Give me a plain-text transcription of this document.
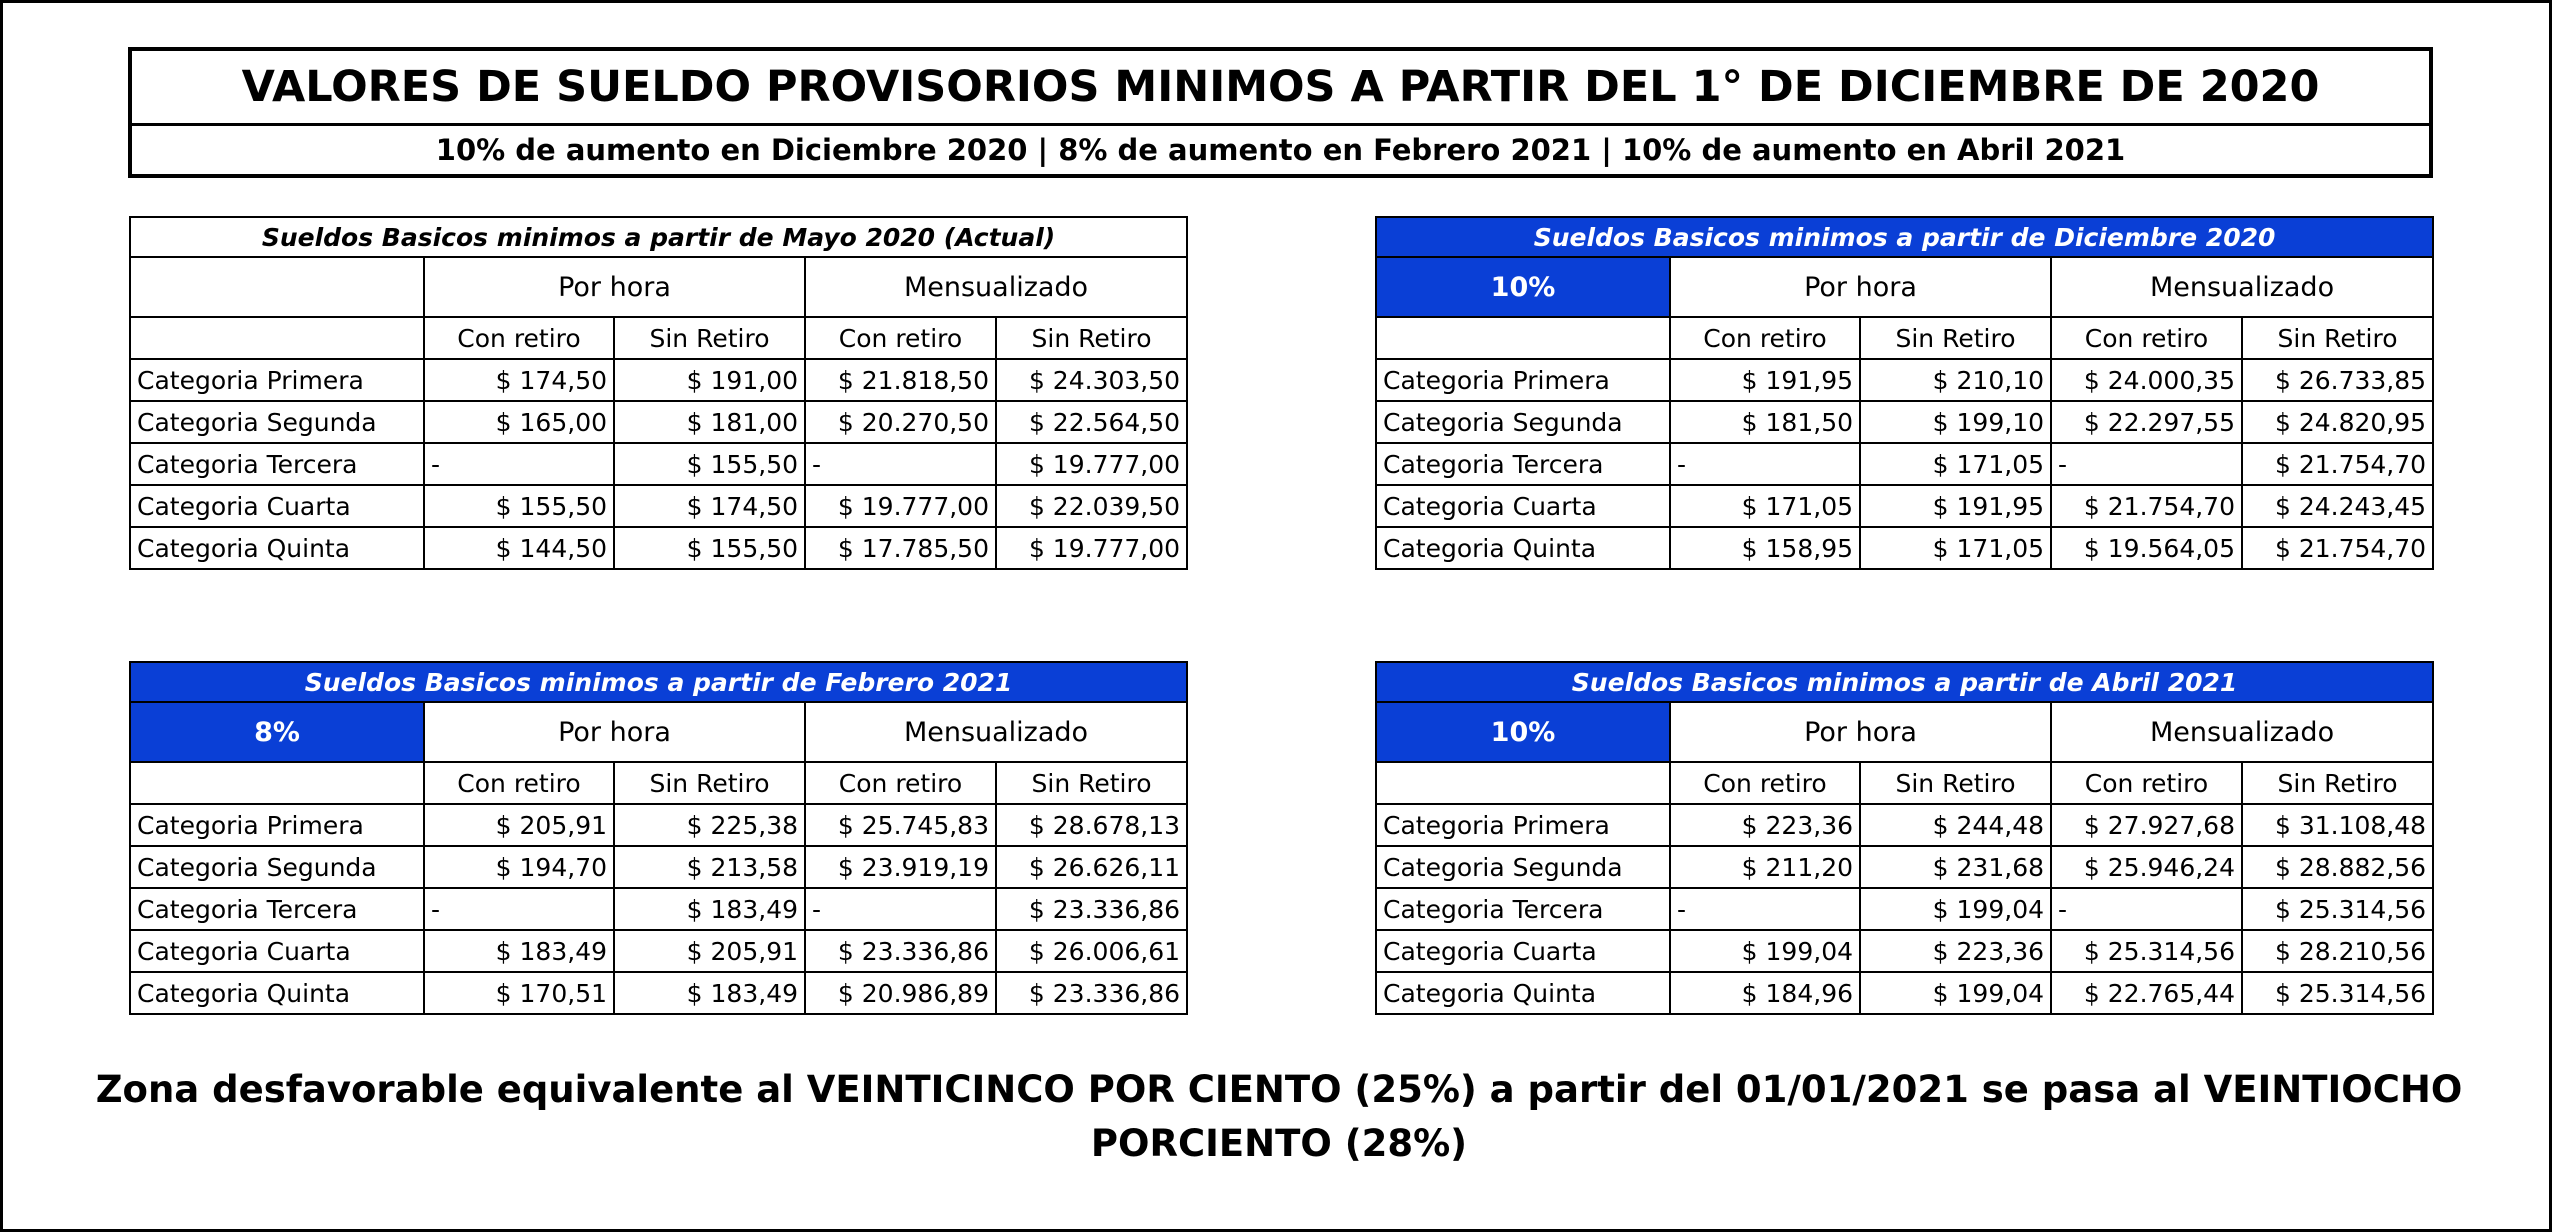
VALORES DE SUELDO PROVISORIOS MINIMOS A PARTIR DEL 1° DE DICIEMBRE DE 2020
10% de aumento en Diciembre 2020 | 8% de aumento en Febrero 2021 | 10% de aumento en Abril 2021
Sueldos Basicos minimos a partir de Mayo 2020 (Actual)				
	Por hora		Mensualizado	
	Con retiro	Sin Retiro	Con retiro	Sin Retiro
Categoria Primera	$ 174,50	$ 191,00	$ 21.818,50	$ 24.303,50
Categoria Segunda	$ 165,00	$ 181,00	$ 20.270,50	$ 22.564,50
Categoria Tercera	-	$ 155,50	-	$ 19.777,00
Categoria Cuarta	$ 155,50	$ 174,50	$ 19.777,00	$ 22.039,50
Categoria Quinta	$ 144,50	$ 155,50	$ 17.785,50	$ 19.777,00
Sueldos Basicos minimos a partir de Diciembre 2020				
10%	Por hora		Mensualizado	
	Con retiro	Sin Retiro	Con retiro	Sin Retiro
Categoria Primera	$ 191,95	$ 210,10	$ 24.000,35	$ 26.733,85
Categoria Segunda	$ 181,50	$ 199,10	$ 22.297,55	$ 24.820,95
Categoria Tercera	-	$ 171,05	-	$ 21.754,70
Categoria Cuarta	$ 171,05	$ 191,95	$ 21.754,70	$ 24.243,45
Categoria Quinta	$ 158,95	$ 171,05	$ 19.564,05	$ 21.754,70
Sueldos Basicos minimos a partir de Febrero 2021				
8%	Por hora		Mensualizado	
	Con retiro	Sin Retiro	Con retiro	Sin Retiro
Categoria Primera	$ 205,91	$ 225,38	$ 25.745,83	$ 28.678,13
Categoria Segunda	$ 194,70	$ 213,58	$ 23.919,19	$ 26.626,11
Categoria Tercera	-	$ 183,49	-	$ 23.336,86
Categoria Cuarta	$ 183,49	$ 205,91	$ 23.336,86	$ 26.006,61
Categoria Quinta	$ 170,51	$ 183,49	$ 20.986,89	$ 23.336,86
Sueldos Basicos minimos a partir de Abril 2021				
10%	Por hora		Mensualizado	
	Con retiro	Sin Retiro	Con retiro	Sin Retiro
Categoria Primera	$ 223,36	$ 244,48	$ 27.927,68	$ 31.108,48
Categoria Segunda	$ 211,20	$ 231,68	$ 25.946,24	$ 28.882,56
Categoria Tercera	-	$ 199,04	-	$ 25.314,56
Categoria Cuarta	$ 199,04	$ 223,36	$ 25.314,56	$ 28.210,56
Categoria Quinta	$ 184,96	$ 199,04	$ 22.765,44	$ 25.314,56
Zona desfavorable equivalente al VEINTICINCO POR CIENTO (25%) a partir del 01/01/2021 se pasa al VEINTIOCHO
PORCIENTO (28%)
